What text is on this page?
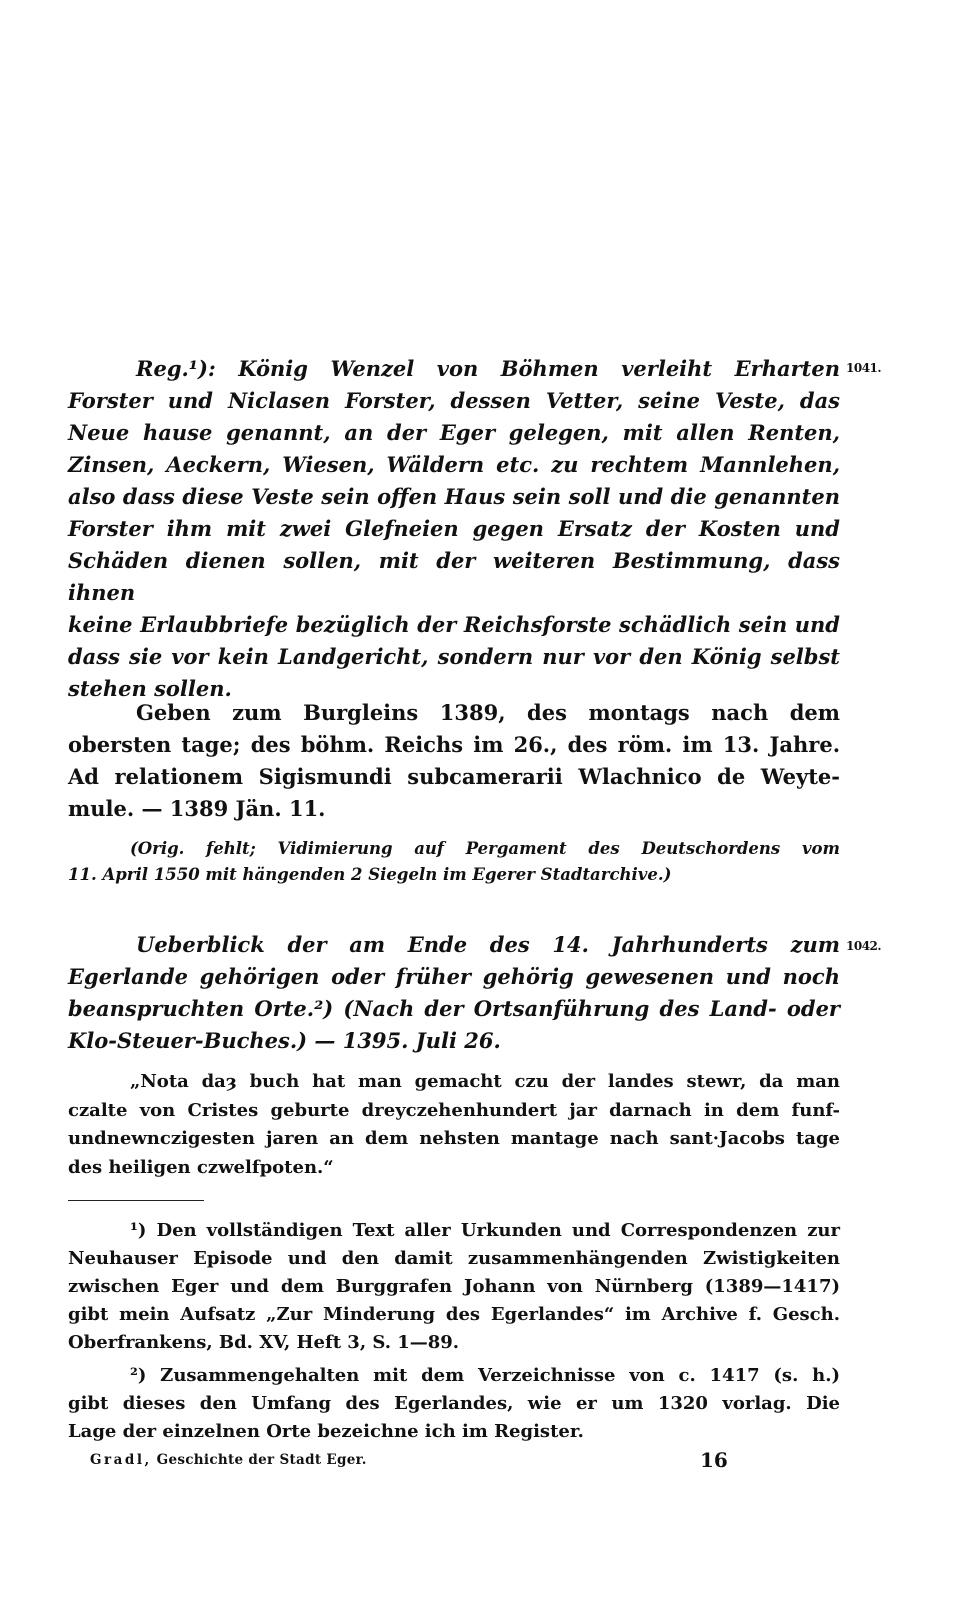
1041.
Reg.¹): König Wenzel von Böhmen verleiht Erharten
Forster und Niclasen Forster, dessen Vetter, seine Veste, das
Neue hause genannt, an der Eger gelegen, mit allen Renten,
Zinsen, Aeckern, Wiesen, Wäldern etc. zu rechtem Mannlehen,
also dass diese Veste sein offen Haus sein soll und die genannten
Forster ihm mit zwei Glefneien gegen Ersatz der Kosten und
Schäden dienen sollen, mit der weiteren Bestimmung, dass ihnen
keine Erlaubbriefe bezüglich der Reichsforste schädlich sein und
dass sie vor kein Landgericht, sondern nur vor den König selbst
stehen sollen.
Geben zum Burgleins 1389, des montags nach dem
obersten tage; des böhm. Reichs im 26., des röm. im 13. Jahre.
Ad relationem Sigismundi subcamerarii Wlachnico de Weyte-
mule. — 1389 Jän. 11.
(Orig. fehlt; Vidimierung auf Pergament des Deutschordens vom
11. April 1550 mit hängenden 2 Siegeln im Egerer Stadtarchive.)
1042.
Ueberblick der am Ende des 14. Jahrhunderts zum
Egerlande gehörigen oder früher gehörig gewesenen und noch
beanspruchten Orte.²) (Nach der Ortsanführung des Land- oder
Klo-Steuer-Buches.) — 1395. Juli 26.
„Nota daȝ buch hat man gemacht czu der landes stewr, da man
czalte von Cristes geburte dreyczehenhundert jar darnach in dem funf-
undnewnczigesten jaren an dem nehsten mantage nach sant·Jacobs tage
des heiligen czwelfpoten.“
¹) Den vollständigen Text aller Urkunden und Correspondenzen zur
Neuhauser Episode und den damit zusammenhängenden Zwistigkeiten
zwischen Eger und dem Burggrafen Johann von Nürnberg (1389—1417)
gibt mein Aufsatz „Zur Minderung des Egerlandes“ im Archive f. Gesch.
Oberfrankens, Bd. XV, Heft 3, S. 1—89.
²) Zusammengehalten mit dem Verzeichnisse von c. 1417 (s. h.)
gibt dieses den Umfang des Egerlandes, wie er um 1320 vorlag. Die
Lage der einzelnen Orte bezeichne ich im Register.
Gradl, Geschichte der Stadt Eger.	16
